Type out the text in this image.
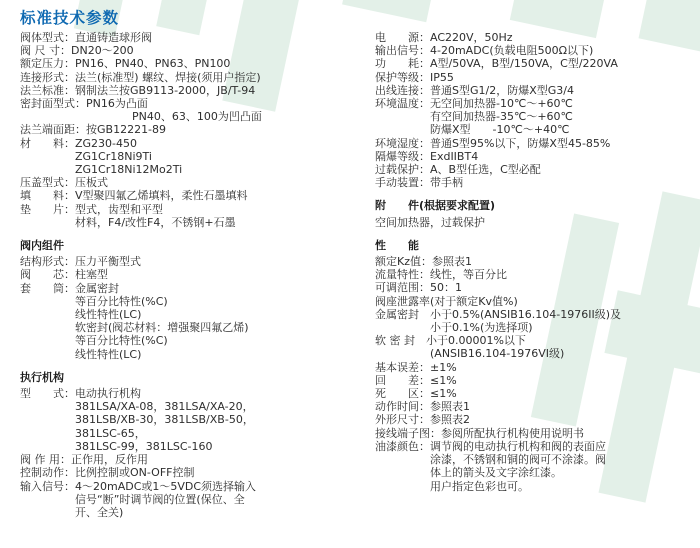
标准技术参数
阀体型式：直通铸造球形阀
阀 尺 寸：DN20～200
额定压力：PN16、PN40、PN63、PN100
连接形式：法兰(标准型) 螺纹、焊接(须用户指定)
法兰标准：钢制法兰按GB9113-2000，JB/T-94
密封面型式：PN16为凸面
PN40、63、100为凹凸面
法兰端面距：按GB12221-89
材　　料：ZG230-450
ZG1Cr18Ni9Ti
ZG1Cr18Ni12Mo2Ti
压盖型式：压板式
填　　料：V型聚四氟乙烯填料，柔性石墨填料
垫　　片：型式，齿型和平型
材料，F4/改性F4，不锈钢+石墨
阀内组件
结构形式：压力平衡型式
阀　　芯：柱塞型
套　　筒：金属密封
等百分比特性(%C)
线性特性(LC)
软密封(阀芯材料：增强聚四氟乙烯)
等百分比特性(%C)
线性特性(LC)
执行机构
型　　式：电动执行机构
381LSA/XA-08，381LSA/XA-20，
381LSB/XB-30，381LSB/XB-50，
381LSC-65，
381LSC-99，381LSC-160
阀 作 用：正作用，反作用
控制动作：比例控制或ON-OFF控制
输入信号：4～20mADC或1～5VDC须选择输入
信号“断”时调节阀的位置(保位、全
开、全关)
电　　源：AC220V，50Hz
输出信号：4-20mADC(负载电阻500Ω以下)
功　　耗：A型/50VA，B型/150VA，C型/220VA
保护等级：IP55
出线连接：普通S型G1/2，防爆X型G3/4
环境温度：无空间加热器-10℃～+60℃
有空间加热器-35℃～+60℃
防爆X型　　-10℃～+40℃
环境湿度：普通S型95%以下，防爆X型45-85%
隔爆等级：ExdIIBT4
过载保护：A、B型任选，C型必配
手动装置：带手柄
附　　件(根据要求配置)
空间加热器，过载保护
性　　能
额定Kz值：参照表1
流量特性：线性，等百分比
可调范围：50：1
阀座泄露率(对于额定Kv值%)
金属密封　小于0.5%(ANSIB16.104-1976II级)及
小于0.1%(为选择项)
软 密 封　小于0.00001%以下
(ANSIB16.104-1976VI级)
基本误差：±1%
回　　差：≤1%
死　　区：≤1%
动作时间：参照表1
外形尺寸：参照表2
接线端子图：参阅所配执行机构使用说明书
油漆颜色：调节阀的电动执行机构和阀的表面应
涂漆，不锈钢和铜的阀可不涂漆。阀
体上的箭头及文字涂红漆。
用户指定色彩也可。
